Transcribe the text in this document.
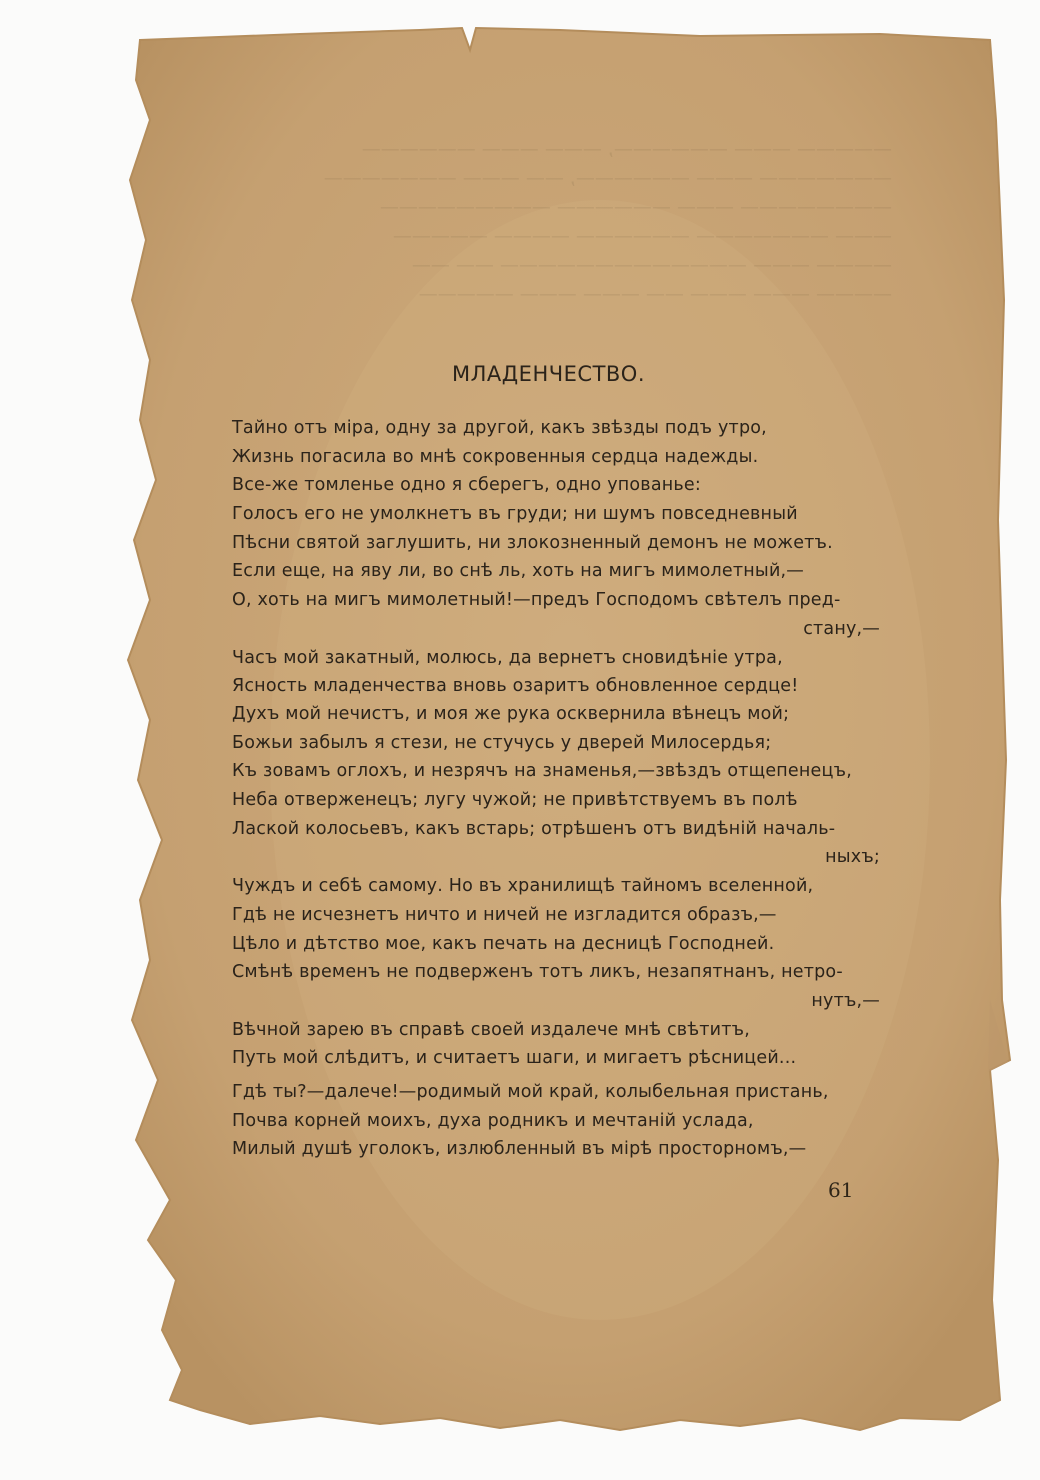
————— ——— ——————, ——— ——— ——————
——————— ——— ——————, —— ——— ———————
———————— ——— —————— —————————
——— ——————— —————— ———— —————
———— ——— ————————————— —— ——
———— ——— ——— —— ——— ——— —————
МЛАДЕНЧЕСТВО.
Тайно отъ міра, одну за другой, какъ звѣзды подъ утро,
Жизнь погасила во мнѣ сокровенныя сердца надежды.
Все-же томленье одно я сберегъ, одно упованье:
Голосъ его не умолкнетъ въ груди; ни шумъ повседневный
Пѣсни святой заглушить, ни злокозненный демонъ не можетъ.
Если еще, на яву ли, во снѣ ль, хоть на мигъ мимолетный,—
О, хоть на мигъ мимолетный!—предъ Господомъ свѣтелъ пред-
стану,—
Часъ мой закатный, молюсь, да вернетъ сновидѣніе утра,
Ясность младенчества вновь озаритъ обновленное сердце!
Духъ мой нечистъ, и моя же рука осквернила вѣнецъ мой;
Божьи забылъ я стези, не стучусь у дверей Милосердья;
Къ зовамъ оглохъ, и незрячъ на знаменья,—звѣздъ отщепенецъ,
Неба отверженецъ; лугу чужой; не привѣтствуемъ въ полѣ
Лаской колосьевъ, какъ встарь; отрѣшенъ отъ видѣній началь-
ныхъ;
Чуждъ и себѣ самому. Но въ хранилищѣ тайномъ вселенной,
Гдѣ не исчезнетъ ничто и ничей не изгладится образъ,—
Цѣло и дѣтство мое, какъ печать на десницѣ Господней.
Смѣнѣ временъ не подверженъ тотъ ликъ, незапятнанъ, нетро-
нутъ,—
Вѣчной зарею въ справѣ своей издалече мнѣ свѣтитъ,
Путь мой слѣдитъ, и считаетъ шаги, и мигаетъ рѣсницей...
Гдѣ ты?—далече!—родимый мой край, колыбельная пристань,
Почва корней моихъ, духа родникъ и мечтаній услада,
Милый душѣ уголокъ, излюбленный въ мірѣ просторномъ,—
61
